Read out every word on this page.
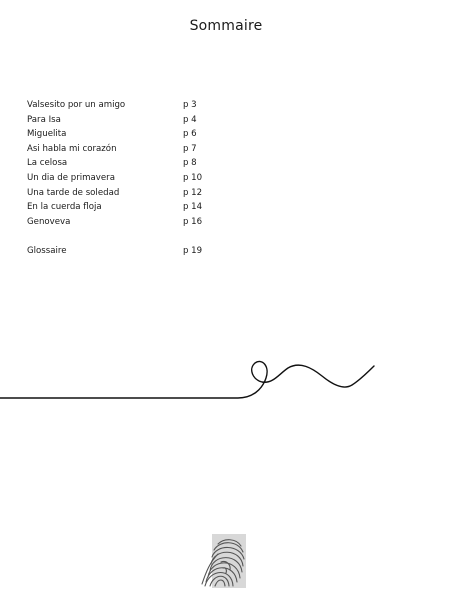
Sommaire
Valsesito por un amigo	p 3
Para Isa	p 4
Miguelita	p 6
Asi habla mi corazón	p 7
La celosa	p 8
Un dia de primavera	p 10
Una tarde de soledad	p 12
En la cuerda floja	p 14
Genoveva	p 16
Glossaire	p 19
